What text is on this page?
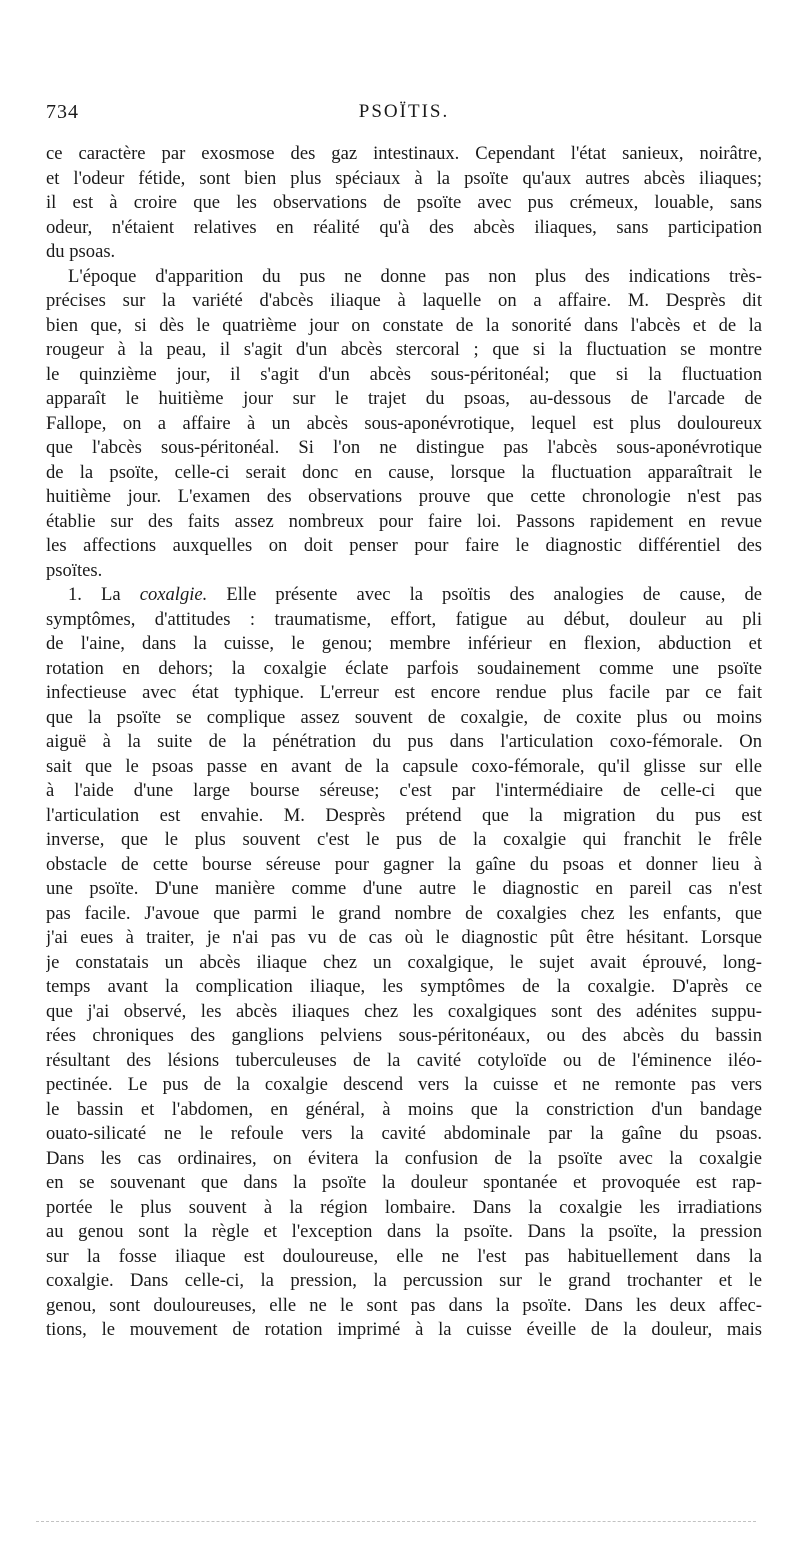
734	PSOÏTIS.
ce caractère par exosmose des gaz intestinaux. Cependant l'état sanieux, noirâtre,
et l'odeur fétide, sont bien plus spéciaux à la psoïte qu'aux autres abcès iliaques;
il est à croire que les observations de psoïte avec pus crémeux, louable, sans
odeur, n'étaient relatives en réalité qu'à des abcès iliaques, sans participation
du psoas.
L'époque d'apparition du pus ne donne pas non plus des indications très-
précises sur la variété d'abcès iliaque à laquelle on a affaire. M. Desprès dit
bien que, si dès le quatrième jour on constate de la sonorité dans l'abcès et de la
rougeur à la peau, il s'agit d'un abcès stercoral ; que si la fluctuation se montre
le quinzième jour, il s'agit d'un abcès sous-péritonéal; que si la fluctuation
apparaît le huitième jour sur le trajet du psoas, au-dessous de l'arcade de
Fallope, on a affaire à un abcès sous-aponévrotique, lequel est plus douloureux
que l'abcès sous-péritonéal. Si l'on ne distingue pas l'abcès sous-aponévrotique
de la psoïte, celle-ci serait donc en cause, lorsque la fluctuation apparaîtrait le
huitième jour. L'examen des observations prouve que cette chronologie n'est pas
établie sur des faits assez nombreux pour faire loi. Passons rapidement en revue
les affections auxquelles on doit penser pour faire le diagnostic différentiel des
psoïtes.
1. La coxalgie. Elle présente avec la psoïtis des analogies de cause, de
symptômes, d'attitudes : traumatisme, effort, fatigue au début, douleur au pli
de l'aine, dans la cuisse, le genou; membre inférieur en flexion, abduction et
rotation en dehors; la coxalgie éclate parfois soudainement comme une psoïte
infectieuse avec état typhique. L'erreur est encore rendue plus facile par ce fait
que la psoïte se complique assez souvent de coxalgie, de coxite plus ou moins
aiguë à la suite de la pénétration du pus dans l'articulation coxo-fémorale. On
sait que le psoas passe en avant de la capsule coxo-fémorale, qu'il glisse sur elle
à l'aide d'une large bourse séreuse; c'est par l'intermédiaire de celle-ci que
l'articulation est envahie. M. Desprès prétend que la migration du pus est
inverse, que le plus souvent c'est le pus de la coxalgie qui franchit le frêle
obstacle de cette bourse séreuse pour gagner la gaîne du psoas et donner lieu à
une psoïte. D'une manière comme d'une autre le diagnostic en pareil cas n'est
pas facile. J'avoue que parmi le grand nombre de coxalgies chez les enfants, que
j'ai eues à traiter, je n'ai pas vu de cas où le diagnostic pût être hésitant. Lorsque
je constatais un abcès iliaque chez un coxalgique, le sujet avait éprouvé, long-
temps avant la complication iliaque, les symptômes de la coxalgie. D'après ce
que j'ai observé, les abcès iliaques chez les coxalgiques sont des adénites suppu-
rées chroniques des ganglions pelviens sous-péritonéaux, ou des abcès du bassin
résultant des lésions tuberculeuses de la cavité cotyloïde ou de l'éminence iléo-
pectinée. Le pus de la coxalgie descend vers la cuisse et ne remonte pas vers
le bassin et l'abdomen, en général, à moins que la constriction d'un bandage
ouato-silicaté ne le refoule vers la cavité abdominale par la gaîne du psoas.
Dans les cas ordinaires, on évitera la confusion de la psoïte avec la coxalgie
en se souvenant que dans la psoïte la douleur spontanée et provoquée est rap-
portée le plus souvent à la région lombaire. Dans la coxalgie les irradiations
au genou sont la règle et l'exception dans la psoïte. Dans la psoïte, la pression
sur la fosse iliaque est douloureuse, elle ne l'est pas habituellement dans la
coxalgie. Dans celle-ci, la pression, la percussion sur le grand trochanter et le
genou, sont douloureuses, elle ne le sont pas dans la psoïte. Dans les deux affec-
tions, le mouvement de rotation imprimé à la cuisse éveille de la douleur, mais
